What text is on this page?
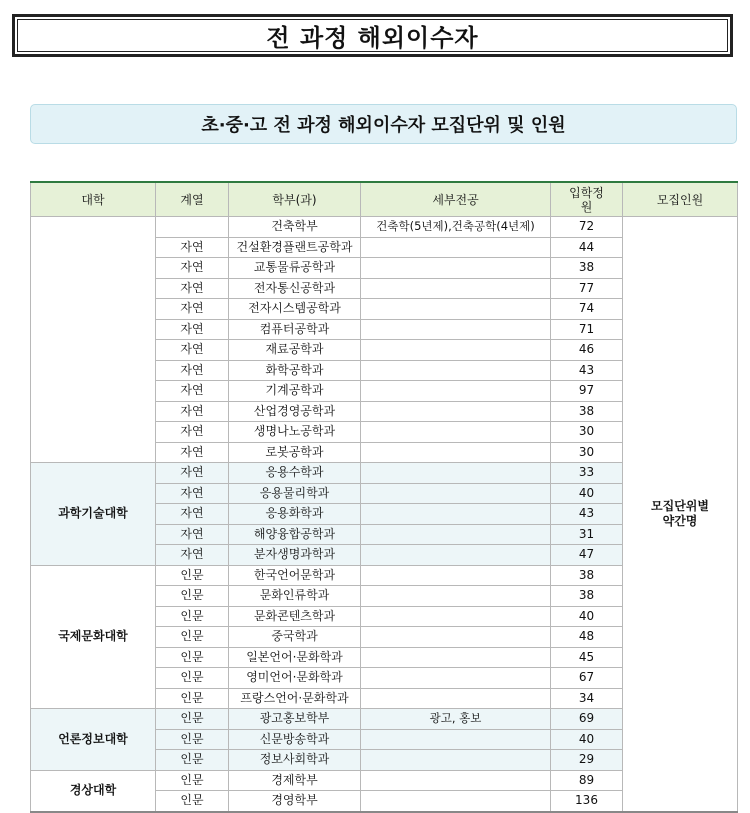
전 과정 해외이수자
초·중·고 전 과정 해외이수자 모집단위 및 인원
대학	계열	학부(과)	세부전공	입학정원	모집인원
		건축학부	건축학(5년제),건축공학(4년제)	72	모집단위별 약간명
	자연	건설환경플랜트공학과		44	
	자연	교통물류공학과		38	
	자연	전자통신공학과		77	
	자연	전자시스템공학과		74	
	자연	컴퓨터공학과		71	
	자연	재료공학과		46	
	자연	화학공학과		43	
	자연	기계공학과		97	
	자연	산업경영공학과		38	
	자연	생명나노공학과		30	
	자연	로봇공학과		30	
과학기술대학	자연	응용수학과		33	
	자연	응용물리학과		40	
	자연	응용화학과		43	
	자연	해양융합공학과		31	
	자연	분자생명과학과		47	
국제문화대학	인문	한국언어문학과		38	
	인문	문화인류학과		38	
	인문	문화콘텐츠학과		40	
	인문	중국학과		48	
	인문	일본언어·문화학과		45	
	인문	영미언어·문화학과		67	
	인문	프랑스언어·문화학과		34	
언론정보대학	인문	광고홍보학부	광고, 홍보	69	
	인문	신문방송학과		40	
	인문	정보사회학과		29	
경상대학	인문	경제학부		89	
	인문	경영학부		136	
